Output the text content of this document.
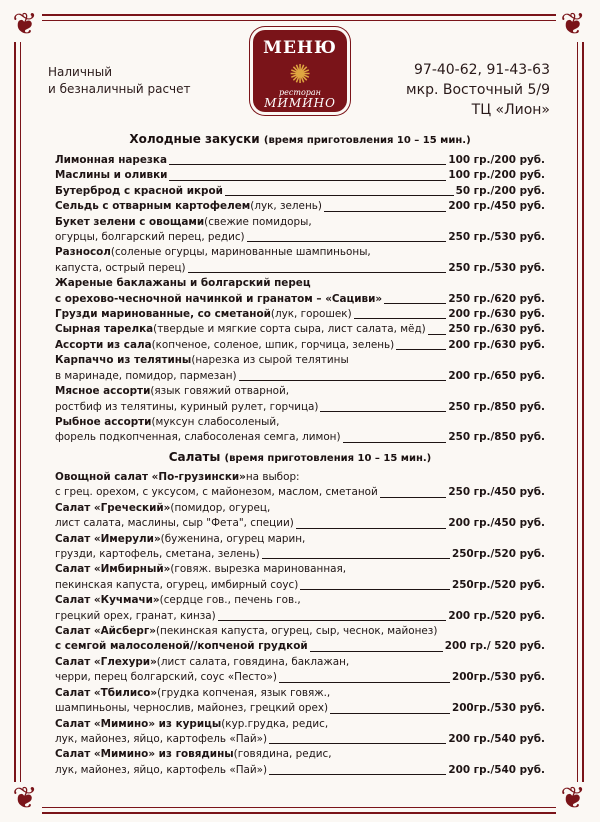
❦	❦
❦	❦
Наличный
и безналичный расчет
МЕНЮ
✺
ресторан
МИМИНО
97-40-62, 91-43-63
мкр. Восточный 5/9
ТЦ «Лион»
Холодные закуски (время приготовления 10 – 15 мин.)
Лимонная нарезка	100 гр./200 руб.
Маслины и оливки	100 гр./200 руб.
Бутерброд с красной икрой	50 гр./200 руб.
Сельдь с отварным картофелем (лук, зелень)	200 гр./450 руб.
Букет зелени с овощами (свежие помидоры,
огурцы, болгарский перец, редис)	250 гр./530 руб.
Разносол (соленые огурцы, маринованные шампиньоны,
капуста, острый перец)	250 гр./530 руб.
Жареные баклажаны и болгарский перец
с орехово-чесночной начинкой и гранатом – «Сациви»	250 гр./620 руб.
Грузди маринованные, со сметаной (лук, горошек)	200 гр./630 руб.
Сырная тарелка (твердые и мягкие сорта сыра, лист салата, мёд) 250 гр./630 руб.
Ассорти из сала (копченое, соленое, шпик, горчица, зелень)	200 гр./630 руб.
Карпаччо из телятины (нарезка из сырой телятины
в маринаде, помидор, пармезан)	200 гр./650 руб.
Мясное ассорти (язык говяжий отварной,
ростбиф из телятины, куриный рулет, горчица)	250 гр./850 руб.
Рыбное ассорти (муксун слабосоленый,
форель подкопченная, слабосоленая семга, лимон)	250 гр./850 руб.
Салаты (время приготовления 10 – 15 мин.)
Овощной салат «По-грузински» на выбор:
с грец. орехом, с уксусом, с майонезом, маслом, сметаной	250 гр./450 руб.
Салат «Греческий» (помидор, огурец,
лист салата, маслины, сыр "Фета", специи)	200 гр./450 руб.
Салат «Имерули» (буженина, огурец марин,
грузди, картофель, сметана, зелень)	250гр./520 руб.
Салат «Имбирный» (говяж. вырезка маринованная,
пекинская капуста, огурец, имбирный соус)	250гр./520 руб.
Салат «Кучмачи» (сердце гов., печень гов.,
грецкий орех, гранат, кинза)	200 гр./520 руб.
Салат «Айсберг» (пекинская капуста, огурец, сыр, чеснок, майонез)
с семгой малосоленой//копченой грудкой	200 гр./ 520 руб.
Салат «Глехури» (лист салата, говядина, баклажан,
черри, перец болгарский, соус «Песто»)	200гр./530 руб.
Салат «Тбилисо» (грудка копченая, язык говяж.,
шампиньоны, чернослив, майонез, грецкий орех)	200гр./530 руб.
Салат «Мимино» из курицы (кур.грудка, редис,
лук, майонез, яйцо, картофель «Пай»)	200 гр./540 руб.
Салат «Мимино» из говядины (говядина, редис,
лук, майонез, яйцо, картофель «Пай»)	200 гр./540 руб.
